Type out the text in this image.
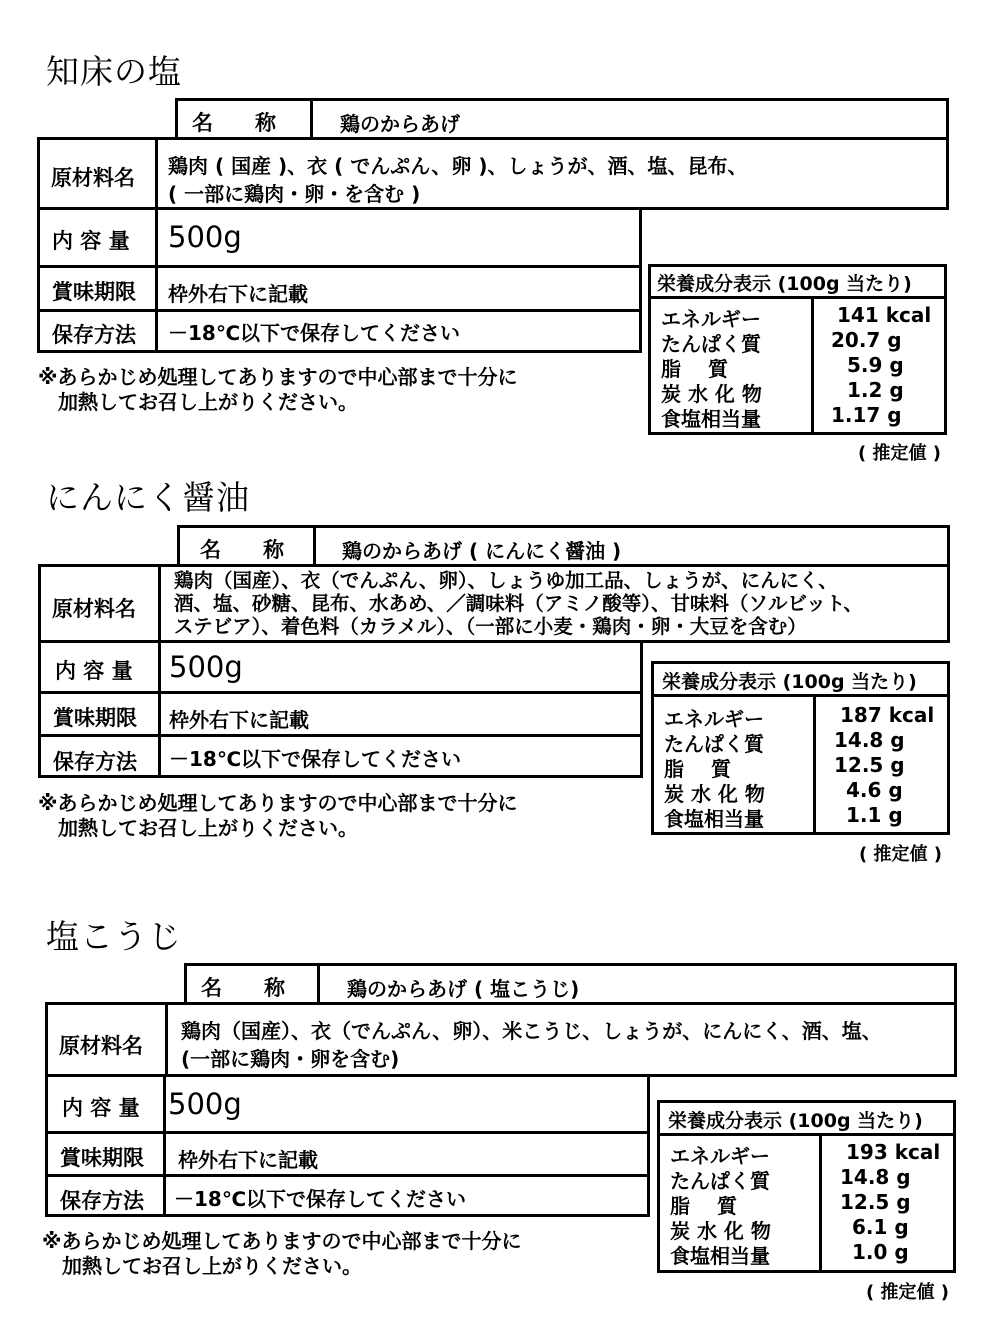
知床の塩
名　　称	鶏のからあげ
原材料名 鶏肉 ( 国産 )、衣 ( でんぷん、卵 )、しょうが、酒、塩、昆布、
( 一部に鶏肉・卵・を含む )
内 容 量 500g
賞味期限 枠外右下に記載
保存方法 －18℃以下で保存してください
※あらかじめ処理してありますので中心部まで十分に
　加熱してお召し上がりください。
栄養成分表示 (100g 当たり)
エネルギー	141 kcal
たんぱく質	20.7 g
脂　 質	5.9 g
炭 水 化 物	1.2 g
食塩相当量	1.17 g
( 推定値 )
にんにく醤油
名　　称	鶏のからあげ ( にんにく醤油 )
原材料名
鶏肉（国産）、衣（でんぷん、卵）、しょうゆ加工品、しょうが、にんにく、
酒、塩、砂糖、昆布、水あめ、／調味料（アミノ酸等）、甘味料（ソルビット、
ステビア）、着色料（カラメル）、（一部に小麦・鶏肉・卵・大豆を含む）
内 容 量 500g
賞味期限 枠外右下に記載
保存方法 －18℃以下で保存してください
※あらかじめ処理してありますので中心部まで十分に
　加熱してお召し上がりください。
栄養成分表示 (100g 当たり)
エネルギー	187 kcal
たんぱく質	14.8 g
脂　 質	12.5 g
炭 水 化 物	4.6 g
食塩相当量	1.1 g
( 推定値 )
塩こうじ
名　　称	鶏のからあげ ( 塩こうじ)
原材料名
鶏肉（国産）、衣（でんぷん、卵）、米こうじ、しょうが、にんにく、酒、塩、
(一部に鶏肉・卵を含む)
内 容 量 500g
賞味期限 枠外右下に記載
保存方法 －18℃以下で保存してください
※あらかじめ処理してありますので中心部まで十分に
　加熱してお召し上がりください。
栄養成分表示 (100g 当たり)
エネルギー	193 kcal
たんぱく質	14.8 g
脂　 質	12.5 g
炭 水 化 物	6.1 g
食塩相当量	1.0 g
( 推定値 )
